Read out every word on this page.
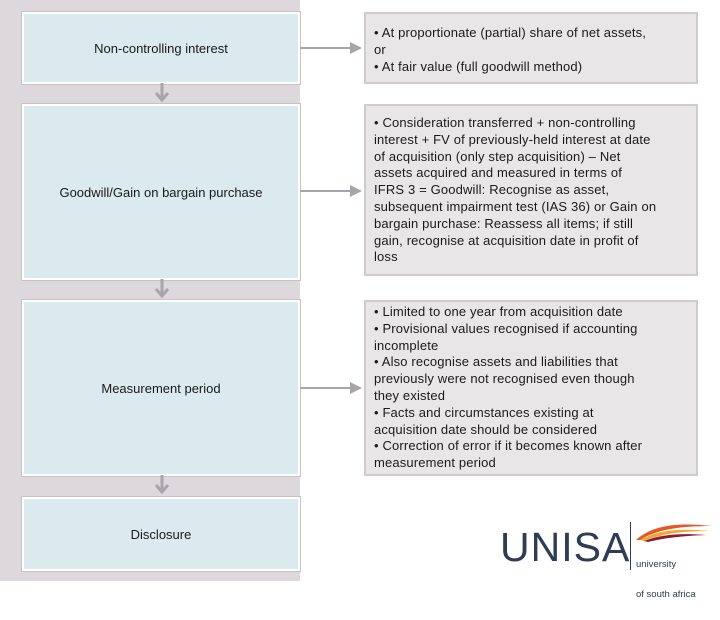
Non-controlling interest
Goodwill/Gain on bargain purchase
Measurement period
Disclosure
• At proportionate (partial) share of net assets,
or
• At fair value (full goodwill method)
• Consideration transferred + non-controlling
interest + FV of previously-held interest at date
of acquisition (only step acquisition) – Net
assets acquired and measured in terms of
IFRS 3 = Goodwill: Recognise as asset,
subsequent impairment test (IAS 36) or Gain on
bargain purchase: Reassess all items; if still
gain, recognise at acquisition date in profit of
loss
• Limited to one year from acquisition date
• Provisional values recognised if accounting
incomplete
• Also recognise assets and liabilities that
previously were not recognised even though
they existed
• Facts and circumstances existing at
acquisition date should be considered
• Correction of error if it becomes known after
measurement period
UNISA

university

of south africa
